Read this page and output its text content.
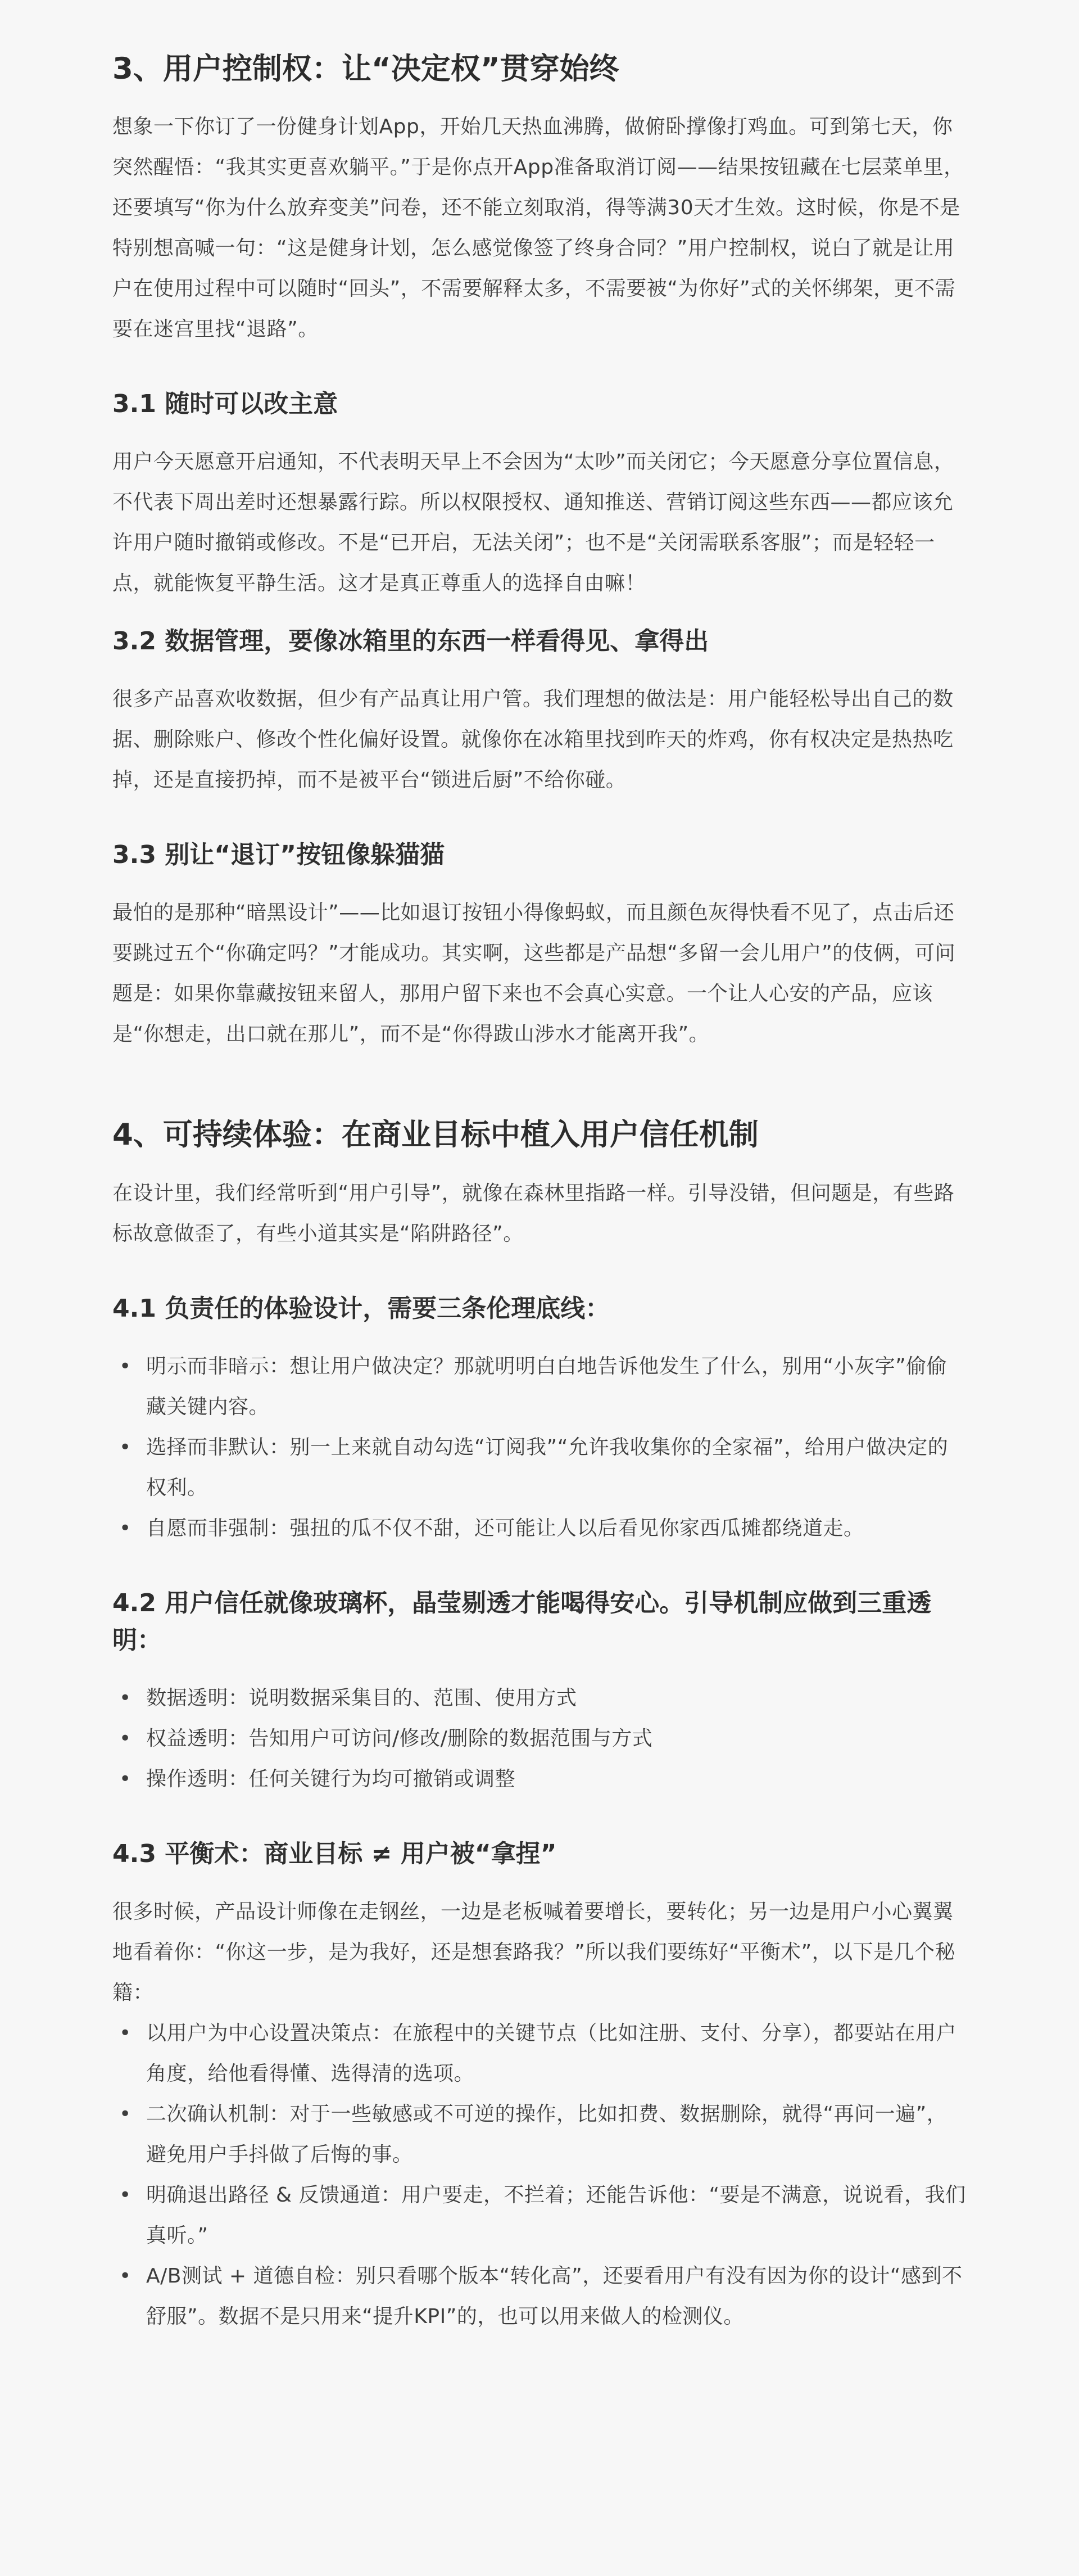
3、用户控制权：让“决定权”贯穿始终

想象一下你订了一份健身计划App，开始几天热血沸腾，做俯卧撑像打鸡血。可到第七天，你突然醒悟：“我其实更喜欢躺平。”于是你点开App准备取消订阅——结果按钮藏在七层菜单里，还要填写“你为什么放弃变美”问卷，还不能立刻取消，得等满30天才生效。这时候，你是不是特别想高喊一句：“这是健身计划，怎么感觉像签了终身合同？”用户控制权，说白了就是让用户在使用过程中可以随时“回头”，不需要解释太多，不需要被“为你好”式的关怀绑架，更不需要在迷宫里找“退路”。

3.1 随时可以改主意

用户今天愿意开启通知，不代表明天早上不会因为“太吵”而关闭它；今天愿意分享位置信息，不代表下周出差时还想暴露行踪。所以权限授权、通知推送、营销订阅这些东西——都应该允许用户随时撤销或修改。不是“已开启，无法关闭”；也不是“关闭需联系客服”；而是轻轻一点，就能恢复平静生活。这才是真正尊重人的选择自由嘛！

3.2 数据管理，要像冰箱里的东西一样看得见、拿得出

很多产品喜欢收数据，但少有产品真让用户管。我们理想的做法是：用户能轻松导出自己的数据、删除账户、修改个性化偏好设置。就像你在冰箱里找到昨天的炸鸡，你有权决定是热热吃掉，还是直接扔掉，而不是被平台“锁进后厨”不给你碰。

3.3 别让“退订”按钮像躲猫猫

最怕的是那种“暗黑设计”——比如退订按钮小得像蚂蚁，而且颜色灰得快看不见了，点击后还要跳过五个“你确定吗？”才能成功。其实啊，这些都是产品想“多留一会儿用户”的伎俩，可问题是：如果你靠藏按钮来留人，那用户留下来也不会真心实意。一个让人心安的产品，应该是“你想走，出口就在那儿”，而不是“你得跋山涉水才能离开我”。

4、可持续体验：在商业目标中植入用户信任机制

在设计里，我们经常听到“用户引导”，就像在森林里指路一样。引导没错，但问题是，有些路标故意做歪了，有些小道其实是“陷阱路径”。

4.1 负责任的体验设计，需要三条伦理底线：
• 明示而非暗示：想让用户做决定？那就明明白白地告诉他发生了什么，别用“小灰字”偷偷藏关键内容。
• 选择而非默认：别一上来就自动勾选“订阅我”“允许我收集你的全家福”，给用户做决定的权利。
• 自愿而非强制：强扭的瓜不仅不甜，还可能让人以后看见你家西瓜摊都绕道走。
4.2 用户信任就像玻璃杯，晶莹剔透才能喝得安心。引导机制应做到三重透明：
• 数据透明：说明数据采集目的、范围、使用方式
• 权益透明：告知用户可访问/修改/删除的数据范围与方式
• 操作透明：任何关键行为均可撤销或调整
4.3 平衡术：商业目标 ≠ 用户被“拿捏”

很多时候，产品设计师像在走钢丝，一边是老板喊着要增长，要转化；另一边是用户小心翼翼地看着你：“你这一步，是为我好，还是想套路我？”所以我们要练好“平衡术”，以下是几个秘籍：

• 以用户为中心设置决策点：在旅程中的关键节点（比如注册、支付、分享），都要站在用户角度，给他看得懂、选得清的选项。
• 二次确认机制：对于一些敏感或不可逆的操作，比如扣费、数据删除，就得“再问一遍”，避免用户手抖做了后悔的事。
• 明确退出路径 & 反馈通道：用户要走，不拦着；还能告诉他：“要是不满意，说说看，我们真听。”
• A/B测试 + 道德自检：别只看哪个版本“转化高”，还要看用户有没有因为你的设计“感到不舒服”。数据不是只用来“提升KPI”的，也可以用来做人的检测仪。
